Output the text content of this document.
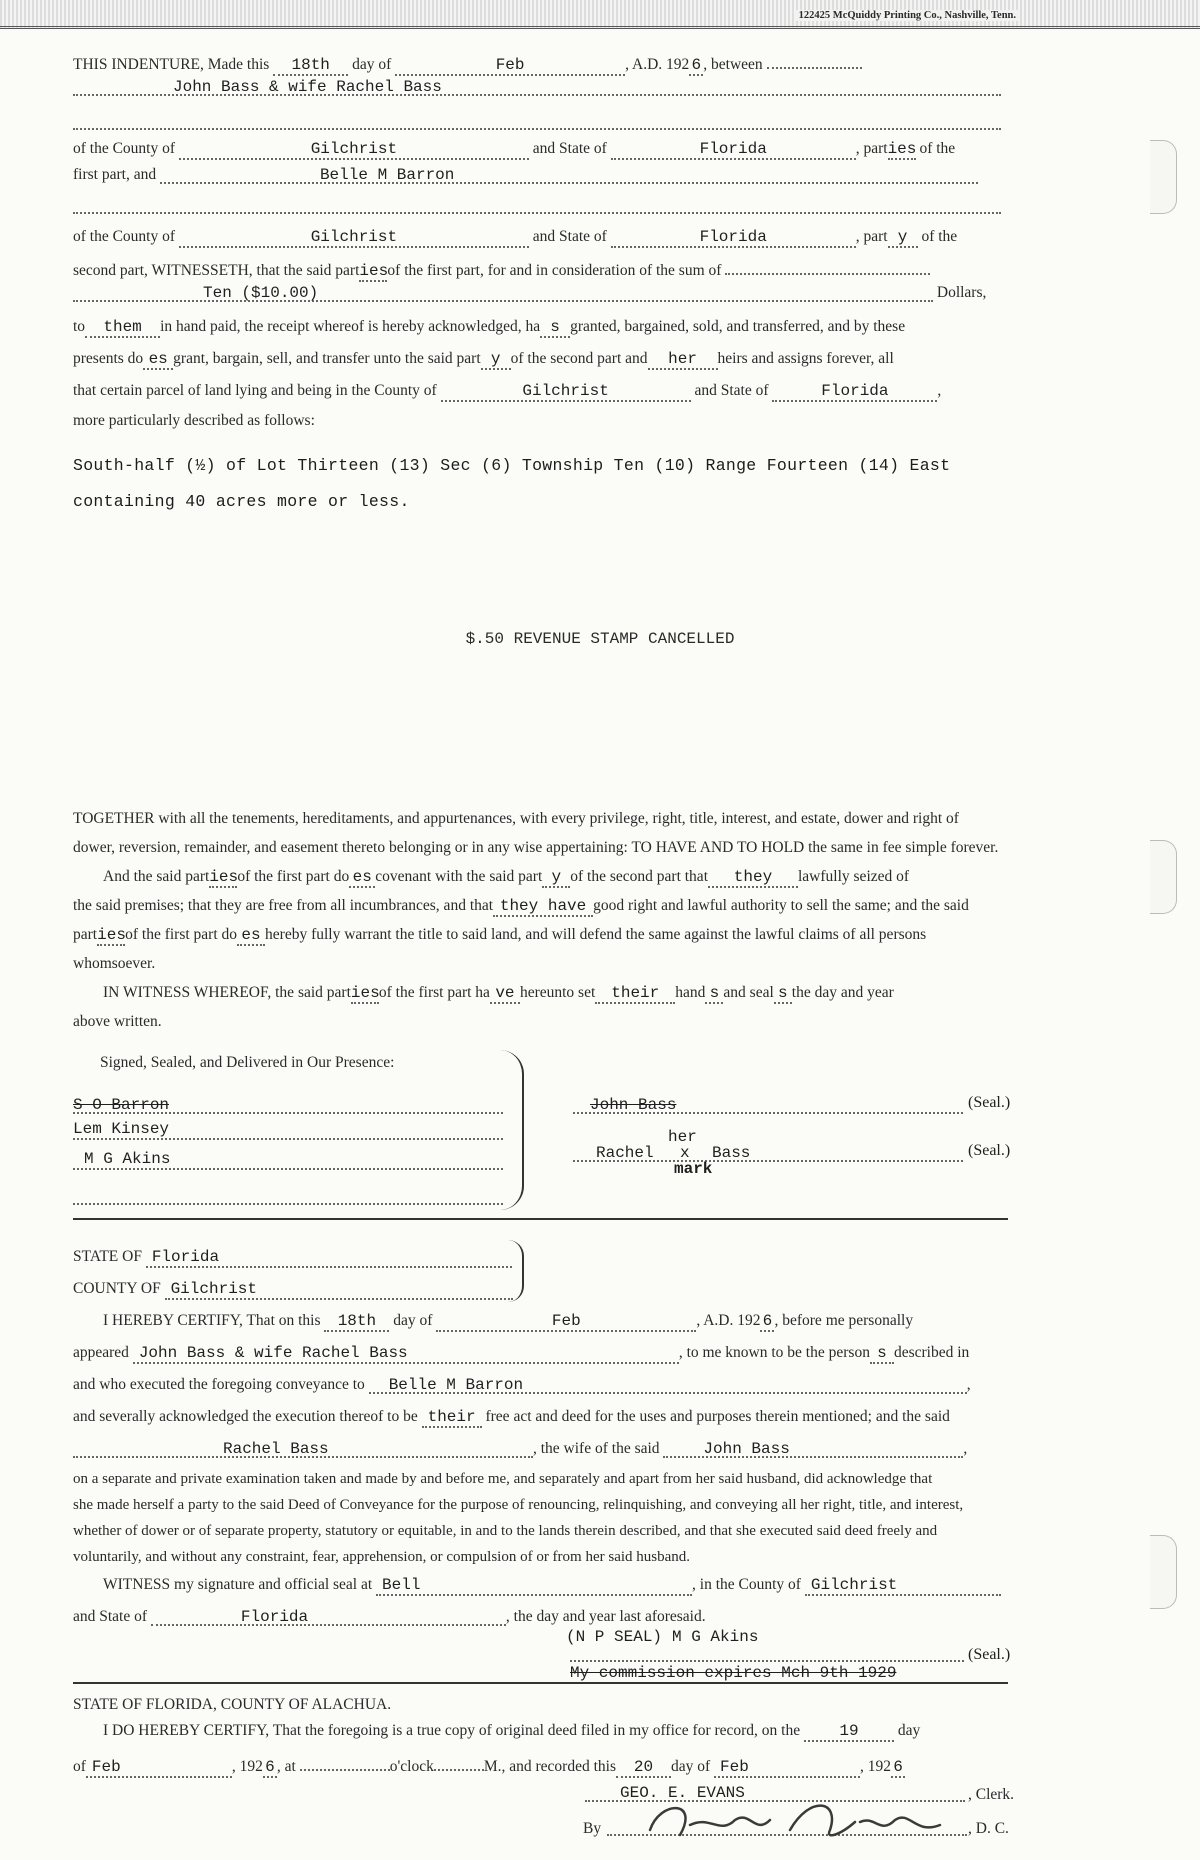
122425 McQuiddy Printing Co., Nashville, Tenn.
THIS INDENTURE, Made this 18th day of	Feb	, A.D. 192 6 , between
John Bass & wife Rachel Bass
of the County of	Gilchrist	and State of	Florida	, parties of the
first part, and	Belle M Barron
of the County of	Gilchrist	and State of	Florida	, part y of the
second part, WITNESSETH, that the said partiesof the first part, for and in consideration of the sum of
Ten ($10.00)	Dollars,
to them in hand paid, the receipt whereof is hereby acknowledged, ha s granted, bargained, sold, and transferred, and by these
presents do es grant, bargain, sell, and transfer unto the said part y of the second part and her heirs and assigns forever, all
that certain parcel of land lying and being in the County of	Gilchrist	and State of	Florida	,
more particularly described as follows:
South-half (½) of Lot Thirteen (13) Sec (6) Township Ten (10) Range Fourteen (14) East
containing 40 acres more or less.
$.50 REVENUE STAMP CANCELLED
TOGETHER with all the tenements, hereditaments, and appurtenances, with every privilege, right, title, interest, and estate, dower and right of
dower, reversion, remainder, and easement thereto belonging or in any wise appertaining: TO HAVE AND TO HOLD the same in fee simple forever.
And the said partiesof the first part do es covenant with the said part y of the second part that they lawfully seized of
the said premises; that they are free from all incumbrances, and that they have good right and lawful authority to sell the same; and the said
partiesof the first part do es hereby fully warrant the title to said land, and will defend the same against the lawful claims of all persons
whomsoever.
IN WITNESS WHEREOF, the said partiesof the first part ha ve hereunto set their hand s and seal s the day and year
above written.
Signed, Sealed, and Delivered in Our Presence:
S O Barron
Lem Kinsey
M G Akins
John Bass	(Seal.)
her
Rachel x Bass
mark
(Seal.)
STATE OF Florida
COUNTY OF Gilchrist
I HEREBY CERTIFY, That on this 18th day of	Feb	, A.D. 192 6 , before me personally
appeared John Bass & wife Rachel Bass	, to me known to be the person s described in
and who executed the foregoing conveyance to Belle M Barron	,
and severally acknowledged the execution thereof to be their free act and deed for the uses and purposes therein mentioned; and the said
Rachel Bass	, the wife of the said	John Bass	,
on a separate and private examination taken and made by and before me, and separately and apart from her said husband, did acknowledge that
she made herself a party to the said Deed of Conveyance for the purpose of renouncing, relinquishing, and conveying all her right, title, and interest,
whether of dower or of separate property, statutory or equitable, in and to the lands therein described, and that she executed said deed freely and
voluntarily, and without any constraint, fear, apprehension, or compulsion of or from her said husband.
WITNESS my signature and official seal at Bell	, in the County of Gilchrist
and State of	Florida	, the day and year last aforesaid.
(N P SEAL) M G Akins
(Seal.)
My commission expires Mch 9th 1929
STATE OF FLORIDA, COUNTY OF ALACHUA.
I DO HEREBY CERTIFY, That the foregoing is a true copy of original deed filed in my office for record, on the 19	day
of Feb	, 192 6 , at	o'clock	M., and recorded this 20 day of Feb	, 192 6
GEO. E. EVANS	, Clerk.
By	, D. C.
